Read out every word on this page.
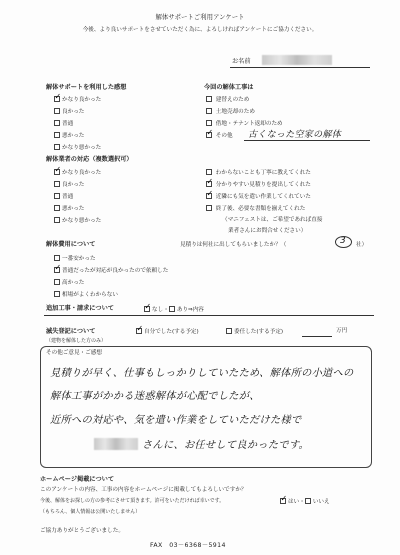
解体サポートご利用アンケート
今後、より良いサポートをさせていただく為に、よろしければアンケートにご協力ください。
お名前
解体サポートを利用した感想
✓かなり良かった
良かった
普通
悪かった
かなり悪かった
今回の解体工事は
建替えのため
土地売却のため
借地・テナント返却のため
✓ その他 古くなった空家の解体
解体業者の対応（複数選択可）
✓かなり良かった
良かった
普通
悪かった
かなり悪かった
わからないことも丁寧に教えてくれた
✓ 分かりやすい見積りを提出してくれた
✓ 近隣にも気を遣い作業してくれていた
終了後、必要な書類を揃えてくれた
（マニフェストは、ご希望であれば直接
業者さんにお問合せください）
解体費用について	見積りは何社に出してもらいましたか？（	3 社）
一番安かった
✓普通だったが対応が良かったので依頼した
高かった
相場がよくわからない
追加工事・請求について ✓	なし・ あり⇒内容
滅失登記について
（建物を解体した方のみ）
✓自分でした(する予定)	委任した(する予定)	万円
その他ご意見・ご感想
見積りが早く、仕事もしっかりしていたため、解体所の小道への
解体工事がかかる迷惑解体が心配でしたが、
近所への対応や、気を遣い作業をしていただけた様で
さんに、お任せして良かったです。
ホームページ掲載について
このアンケートの内容、工事の内容をホームページに掲載してもよろしいですか？
今後、解体をお探しの方の参考にさせて頂きます。許可をいただければ幸いです。 ✓	はい・ いいえ
（もちろん、個人情報は公開いたしません）
ご協力ありがとうございました。
FAX　03－6368－5914
